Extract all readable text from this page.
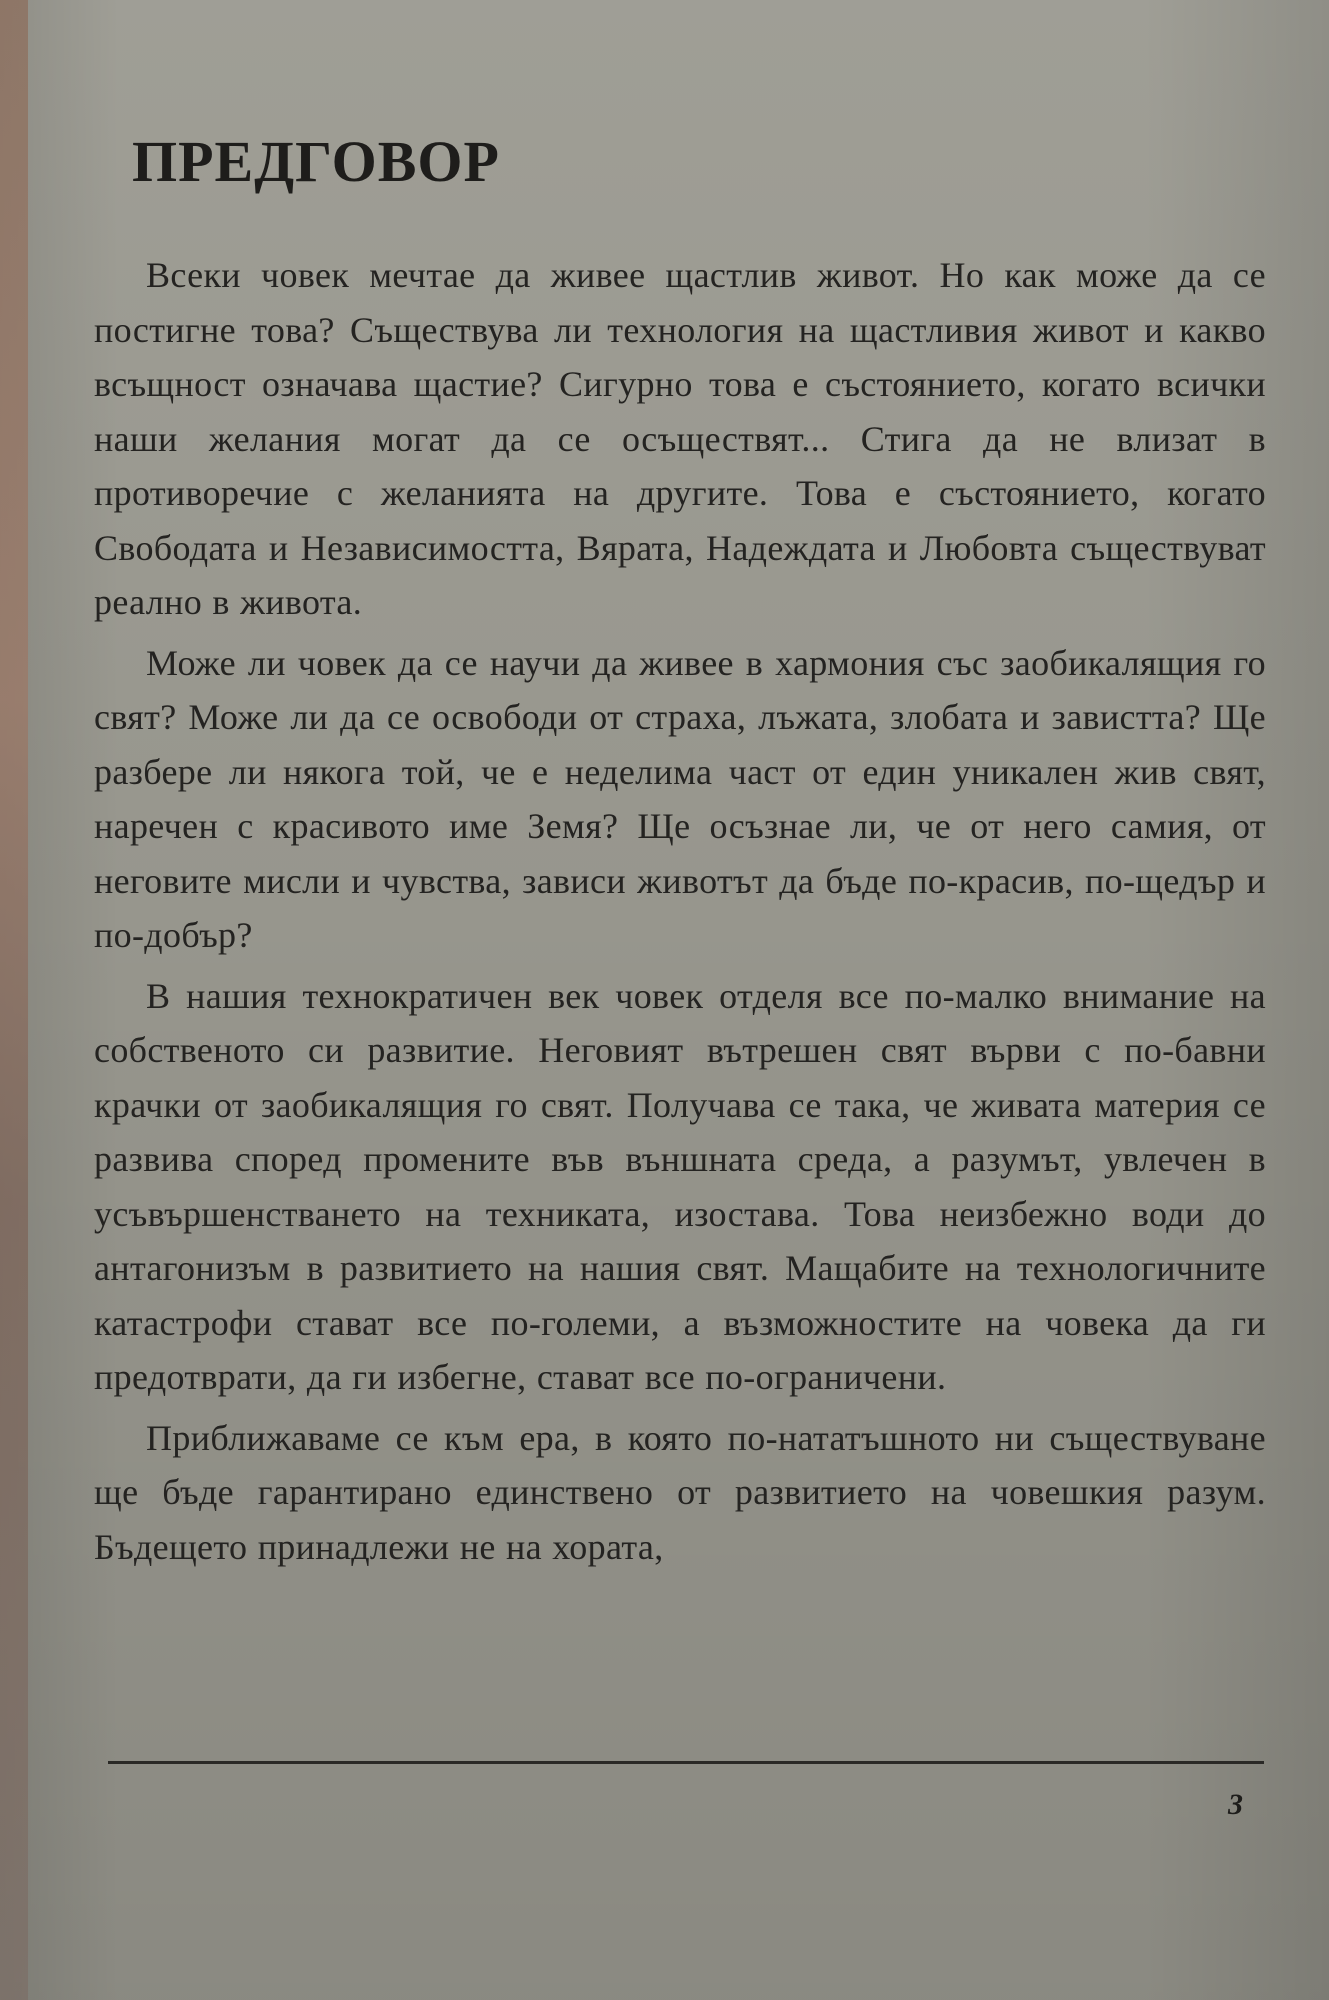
ПРЕДГОВОР

Всеки човек мечтае да живее щастлив живот. Но как може да се постигне това? Съществува ли технология на щастливия живот и какво всъщност означава щастие? Сигурно това е състоянието, когато всички наши желания могат да се осъществят... Стига да не влизат в противоречие с желанията на другите. Това е състоянието, когато Свободата и Независимостта, Вярата, Надеждата и Любовта съществуват реално в живота.

Може ли човек да се научи да живее в хармония със заобикалящия го свят? Може ли да се освободи от страха, лъжата, злобата и завистта? Ще разбере ли някога той, че е неделима част от един уникален жив свят, наречен с красивото име Земя? Ще осъзнае ли, че от него самия, от неговите мисли и чувства, зависи животът да бъде по-красив, по-щедър и по-добър?

В нашия технократичен век човек отделя все по-малко внимание на собственото си развитие. Неговият вътрешен свят върви с по-бавни крачки от заобикалящия го свят. Получава се така, че живата материя се развива според промените във външната среда, а разумът, увлечен в усъвършенстването на техниката, изостава. Това неизбежно води до антагонизъм в развитието на нашия свят. Мащабите на технологичните катастрофи стават все по-големи, а възможностите на човека да ги предотврати, да ги избегне, стават все по-ограничени.

Приближаваме се към ера, в която по-нататъшното ни съществуване ще бъде гарантирано единствено от развитието на човешкия разум. Бъдещето принадлежи не на хората,

3
